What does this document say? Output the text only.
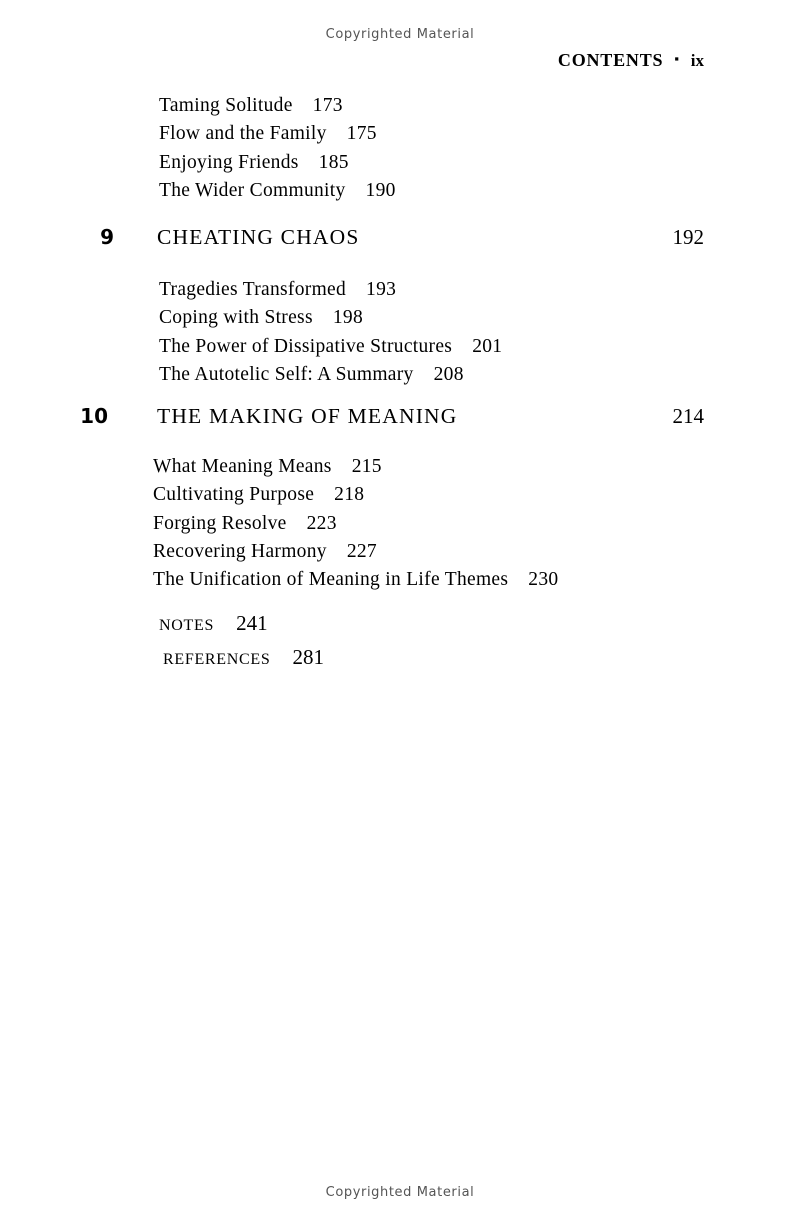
Copyrighted Material
CONTENTS ▪ ix
Taming Solitude 173
Flow and the Family 175
Enjoying Friends 185
The Wider Community 190
9 CHEATING CHAOS	192
Tragedies Transformed 193
Coping with Stress 198
The Power of Dissipative Structures 201
The Autotelic Self: A Summary 208
10 THE MAKING OF MEANING	214
What Meaning Means 215
Cultivating Purpose 218
Forging Resolve 223
Recovering Harmony 227
The Unification of Meaning in Life Themes 230
NOTES 241
REFERENCES 281
Copyrighted Material
